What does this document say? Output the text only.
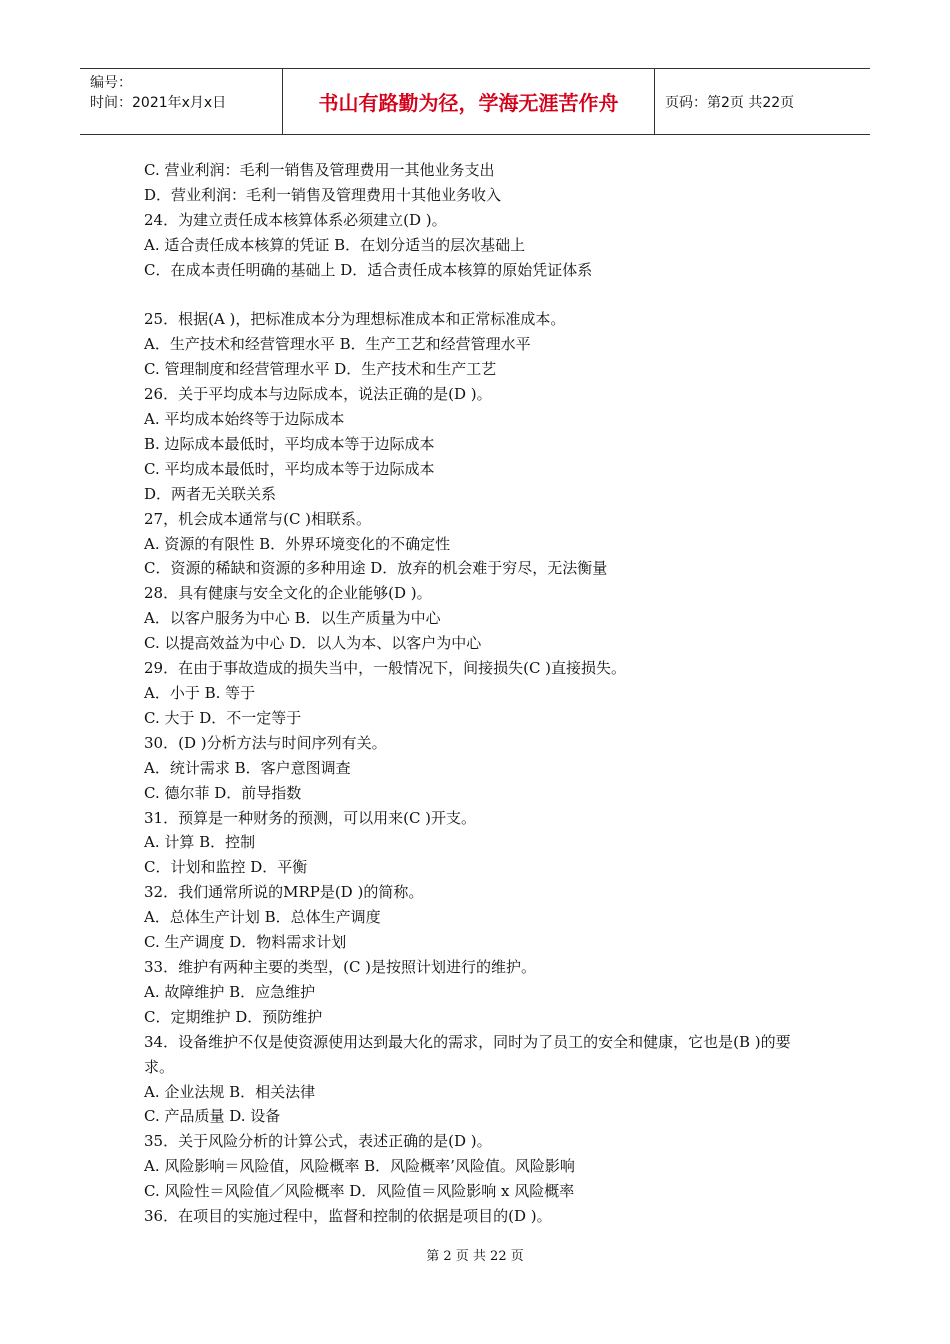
编号：
时间：2021年x月x日	书山有路勤为径，学海无涯苦作舟	页码：第2页 共22页
C. 营业利润：毛利一销售及管理费用一其他业务支出
D．营业利润：毛利一销售及管理费用十其他业务收入
24．为建立责任成本核算体系必须建立(D )。
A. 适合责任成本核算的凭证 B．在划分适当的层次基础上
C．在成本责任明确的基础上 D．适合责任成本核算的原始凭证体系
25．根据(A )，把标准成本分为理想标准成本和正常标准成本。
A．生产技术和经营管理水平 B．生产工艺和经营管理水平
C. 管理制度和经营管理水平 D．生产技术和生产工艺
26．关于平均成本与边际成本，说法正确的是(D )。
A. 平均成本始终等于边际成本
B. 边际成本最低时，平均成本等于边际成本
C. 平均成本最低时，平均成本等于边际成本
D．两者无关联关系
27，机会成本通常与(C )相联系。
A. 资源的有限性 B．外界环境变化的不确定性
C．资源的稀缺和资源的多种用途 D．放弃的机会难于穷尽，无法衡量
28．具有健康与安全文化的企业能够(D )。
A．以客户服务为中心 B．以生产质量为中心
C. 以提高效益为中心 D．以人为本、以客户为中心
29．在由于事故造成的损失当中，一般情况下，间接损失(C )直接损失。
A．小于 B. 等于
C. 大于 D．不一定等于
30．(D )分析方法与时间序列有关。
A．统计需求 B．客户意图调查
C. 德尔菲 D．前导指数
31．预算是一种财务的预测，可以用来(C )开支。
A. 计算 B．控制
C．计划和监控 D．平衡
32．我们通常所说的MRP是(D )的简称。
A．总体生产计划 B．总体生产调度
C. 生产调度 D．物料需求计划
33．维护有两种主要的类型，(C )是按照计划进行的维护。
A. 故障维护 B．应急维护
C．定期维护 D．预防维护
34．设备维护不仅是使资源使用达到最大化的需求，同时为了员工的安全和健康，它也是(B )的要求。
A. 企业法规 B．相关法律
C. 产品质量 D. 设备
35．关于风险分析的计算公式，表述正确的是(D )。
A. 风险影响＝风险值，风险概率 B．风险概率’风险值。风险影响
C. 风险性＝风险值／风险概率 D．风险值＝风险影响 x 风险概率
36．在项目的实施过程中，监督和控制的依据是项目的(D )。
第 2 页 共 22 页
